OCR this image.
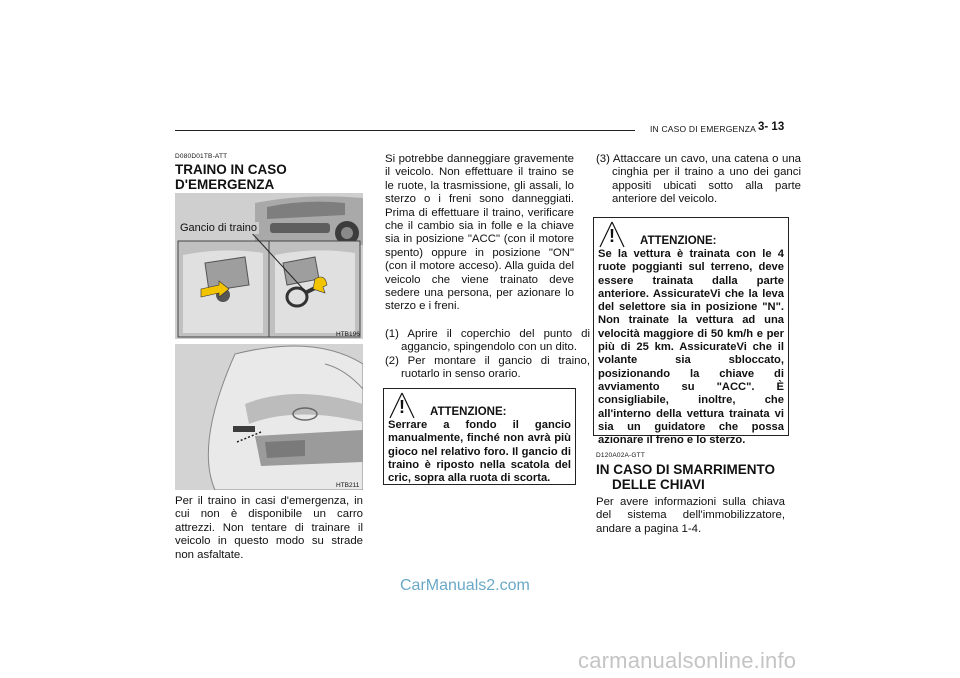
IN CASO DI EMERGENZA 3- 13
D080D01TB-ATT
TRAINO IN CASO
D'EMERGENZA
Gancio di traino
HTB196
HTB211
Per il traino in casi d'emergenza, in cui non è disponibile un carro attrezzi. Non tentare di trainare il veicolo in questo modo su strade non asfaltate.
Si potrebbe danneggiare gravemente il veicolo. Non effettuare il traino se le ruote, la trasmissione, gli assali, lo sterzo o i freni sono danneggiati. Prima di effettuare il traino, verificare che il cambio sia in folle e la chiave sia in posizione "ACC" (con il motore spento) oppure in posizione "ON" (con il motore acceso). Alla guida del veicolo che viene trainato deve sedere una persona, per azionare lo sterzo e i freni.
(1) Aprire il coperchio del punto di aggancio, spingendolo con un dito.
(2) Per montare il gancio di traino, ruotarlo in senso orario.
! ATTENZIONE:
Serrare a fondo il gancio manualmente, finché non avrà più gioco nel relativo foro. Il gancio di traino è riposto nella scatola del cric, sopra alla ruota di scorta.
(3) Attaccare un cavo, una catena o una cinghia per il traino a uno dei ganci appositi ubicati sotto alla parte anteriore del veicolo.
! ATTENZIONE:
Se la vettura è trainata con le 4 ruote poggianti sul terreno, deve essere trainata dalla parte anteriore. AssicurateVi che la leva del selettore sia in posizione "N". Non trainate la vettura ad una velocità maggiore di 50 km/h e per più di 25 km. AssicurateVi che il volante sia sbloccato, posizionando la chiave di avviamento su "ACC". È consigliabile, inoltre, che all'interno della vettura trainata vi sia un guidatore che possa azionare il freno e lo sterzo.
D120A02A-GTT
IN CASO DI SMARRIMENTO
DELLE CHIAVI
Per avere informazioni sulla chiava del sistema dell'immobilizzatore, andare a pagina 1-4.
CarManuals2.com
carmanualsonline.info
